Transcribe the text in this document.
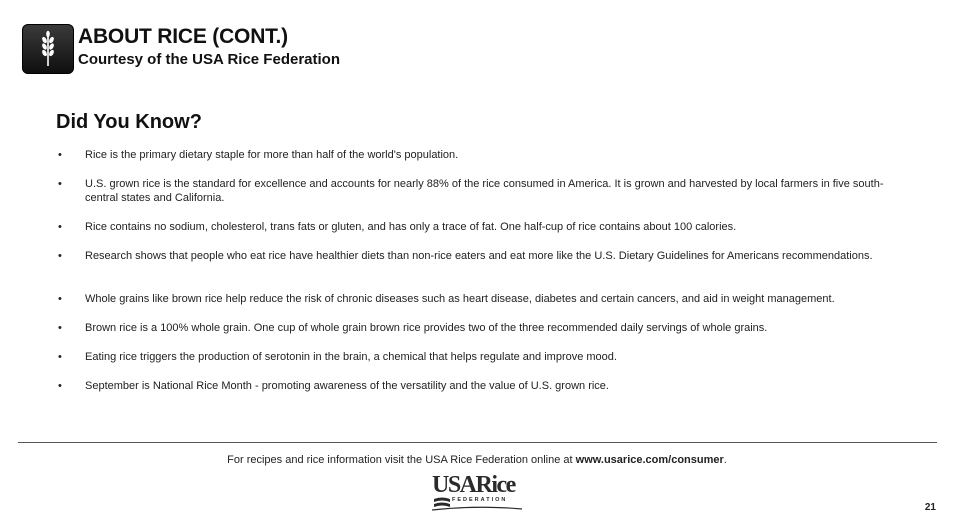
ABOUT RICE (CONT.)
Courtesy of the USA Rice Federation
Did You Know?
• Rice is the primary dietary staple for more than half of the world's population.
• U.S. grown rice is the standard for excellence and accounts for nearly 88% of the rice consumed in America. It is grown and harvested by local farmers in five south-central states and California.
• Rice contains no sodium, cholesterol, trans fats or gluten, and has only a trace of fat. One half-cup of rice contains about 100 calories.
• Research shows that people who eat rice have healthier diets than non-rice eaters and eat more like the U.S. Dietary Guidelines for Americans recommendations.
• Whole grains like brown rice help reduce the risk of chronic diseases such as heart disease, diabetes and certain cancers, and aid in weight management.
• Brown rice is a 100% whole grain. One cup of whole grain brown rice provides two of the three recommended daily servings of whole grains.
• Eating rice triggers the production of serotonin in the brain, a chemical that helps regulate and improve mood.
• September is National Rice Month - promoting awareness of the versatility and the value of U.S. grown rice.
For recipes and rice information visit the USA Rice Federation online at www.usarice.com/consumer.
USARice
FEDERATION
21
